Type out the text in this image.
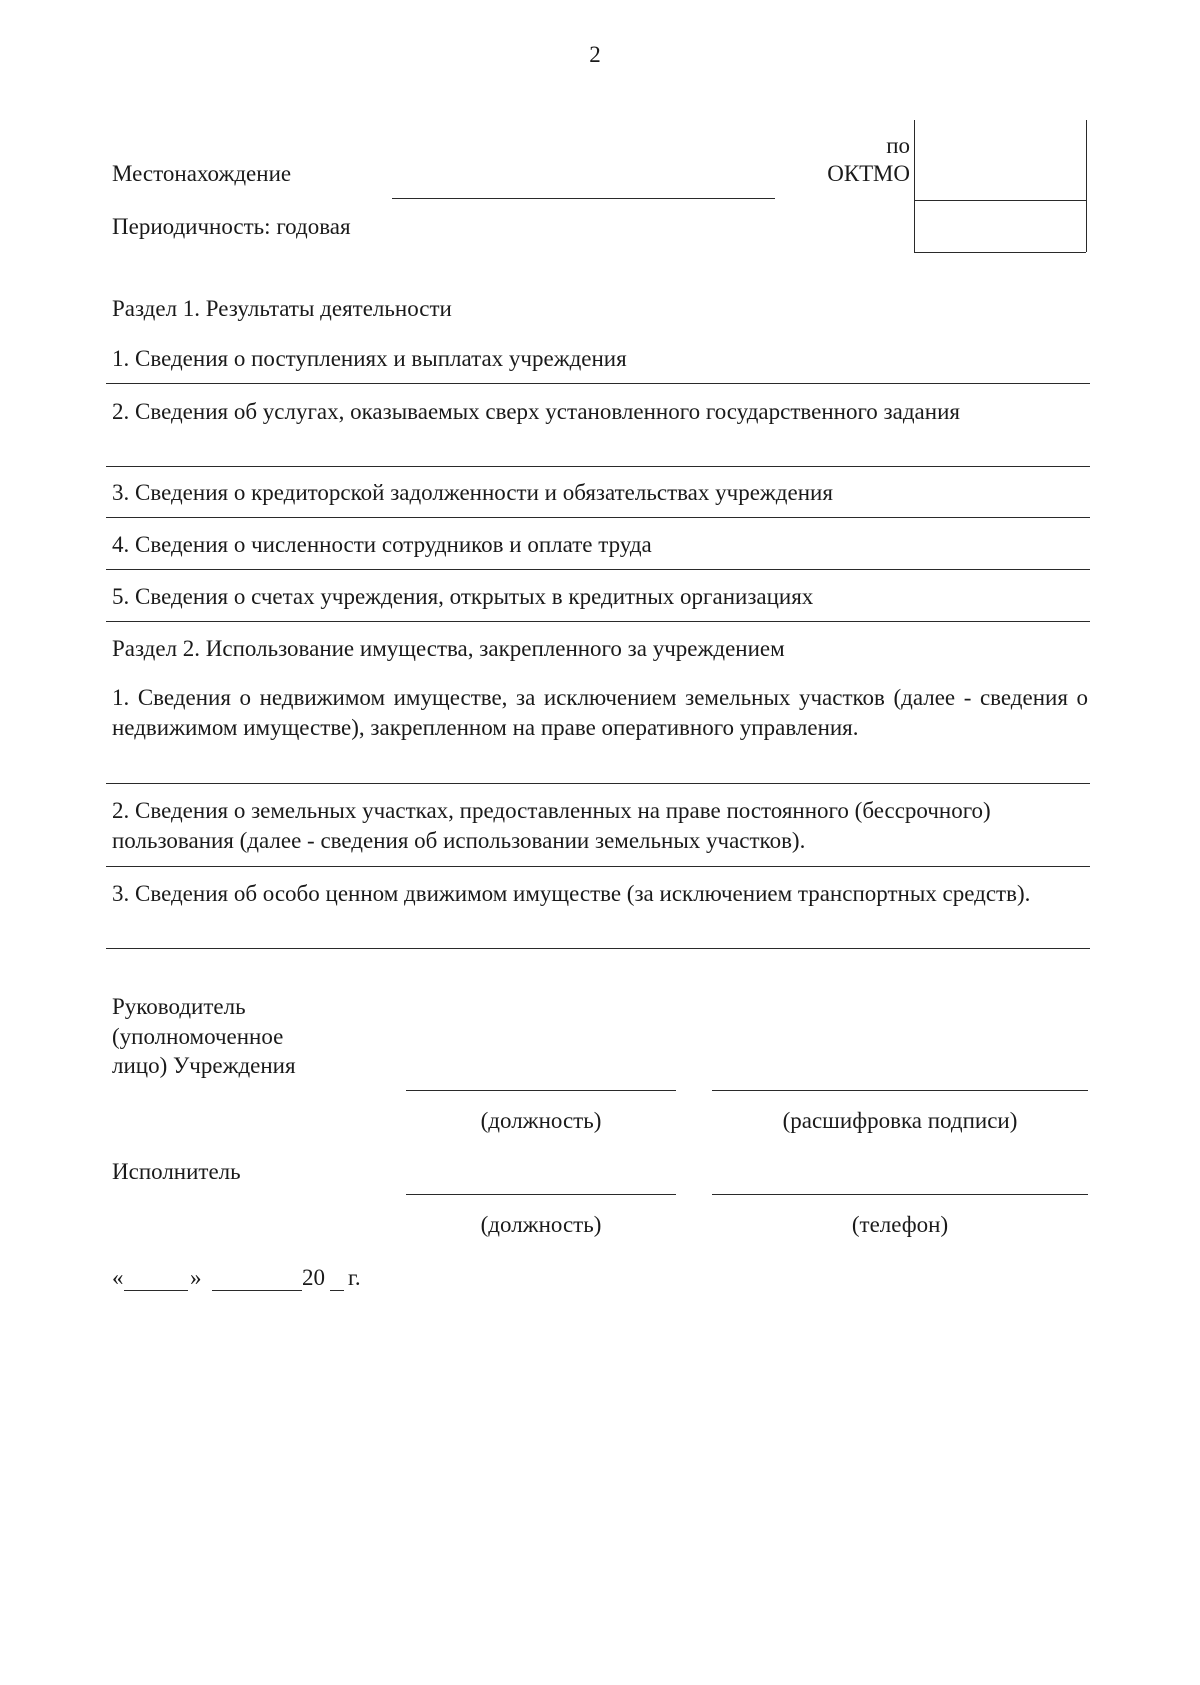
2
Местонахождение
по
ОКТМО
Периодичность: годовая
Раздел 1. Результаты деятельности
1. Сведения о поступлениях и выплатах учреждения
2. Сведения об услугах, оказываемых сверх установленного государственного задания
3. Сведения о кредиторской задолженности и обязательствах учреждения
4. Сведения о численности сотрудников и оплате труда
5. Сведения о счетах учреждения, открытых в кредитных организациях
Раздел 2. Использование имущества, закрепленного за учреждением
1. Сведения о недвижимом имуществе, за исключением земельных участков (далее - сведения о недвижимом имуществе), закрепленном на праве оперативного управления.
2. Сведения о земельных участках, предоставленных на праве постоянного (бессрочного) пользования (далее - сведения об использовании земельных участков).
3. Сведения об особо ценном движимом имуществе (за исключением транспортных средств).
Руководитель
(уполномоченное
лицо) Учреждения
(должность)	(расшифровка подписи)
Исполнитель
(должность)	(телефон)
«	»	20 г.
